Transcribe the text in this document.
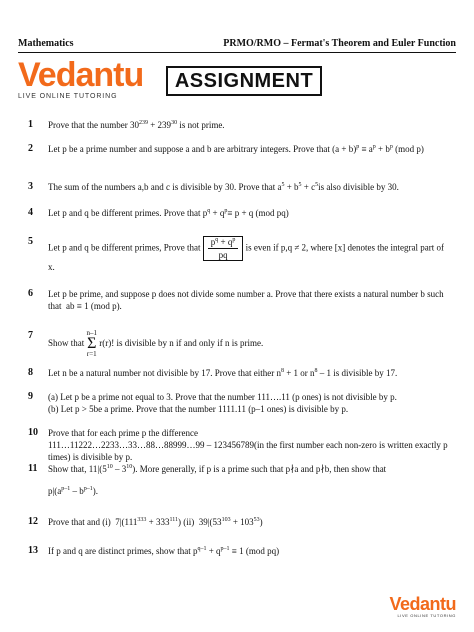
Mathematics	PRMO/RMO – Fermat's Theorem and Euler Function
Vedantu
LIVE ONLINE TUTORING
ASSIGNMENT
1 Prove that the number $30^{239} + 239^{30}$ is not prime.
2 Let p be a prime number and suppose a and b are arbitrary integers. Prove that $(a + b)^p \equiv a^p + b^p$ (mod p)
3 The sum of the numbers a,b and c is divisible by 30. Prove that $a^5 + b^5 + c^5is$ also divisible by 30.
4 Let p and q be different primes. Prove that $p^q + q^p\equiv p + q$ (mod pq)
5
Let p and q be different primes, Prove that $\frac{p^q + q^p}{pq}$ is even if p,q ≠ 2, where [x] denotes the integral part of
x.
6 Let p be prime, and suppose p does not divide some number a. Prove that there exists a natural number b such that  ab ≡ 1 (mod p).
7
Show that n–1
Σ
r=1 r(r)! is divisible by n if and only if n is prime.
8 Let n be a natural number not divisible by 17. Prove that either $n^8 + 1$ or $n^8 - 1$ is divisible by 17.
9 (a) Let p be a prime not equal to 3. Prove that the number 111….11 (p ones) is not divisible by p.
(b) Let p > 5be a prime. Prove that the number 1111.11 (p–1 ones) is divisible by p.
10 Prove that for each prime p the difference
111…11222…2233…33…88…88999…99 – 123456789(in the first number each non-zero is written exactly p times) is divisible by p.
11 Show that, $11|(5^{10} - 3^{10})$. More generally, if p is a prime such that p∤a and p∤b, then show that
$p|(a^{p-1} - b^{p-1})$.
12 Prove that and (i)  $7|(111^{333} + 333^{111})$ (ii)  $39|(53^{103} + 103^{53})$
13 If p and q are distinct primes, show that $p^{q-1} + q^{p-1} \equiv 1$ (mod pq)
Vedantu
LIVE ONLINE TUTORING
